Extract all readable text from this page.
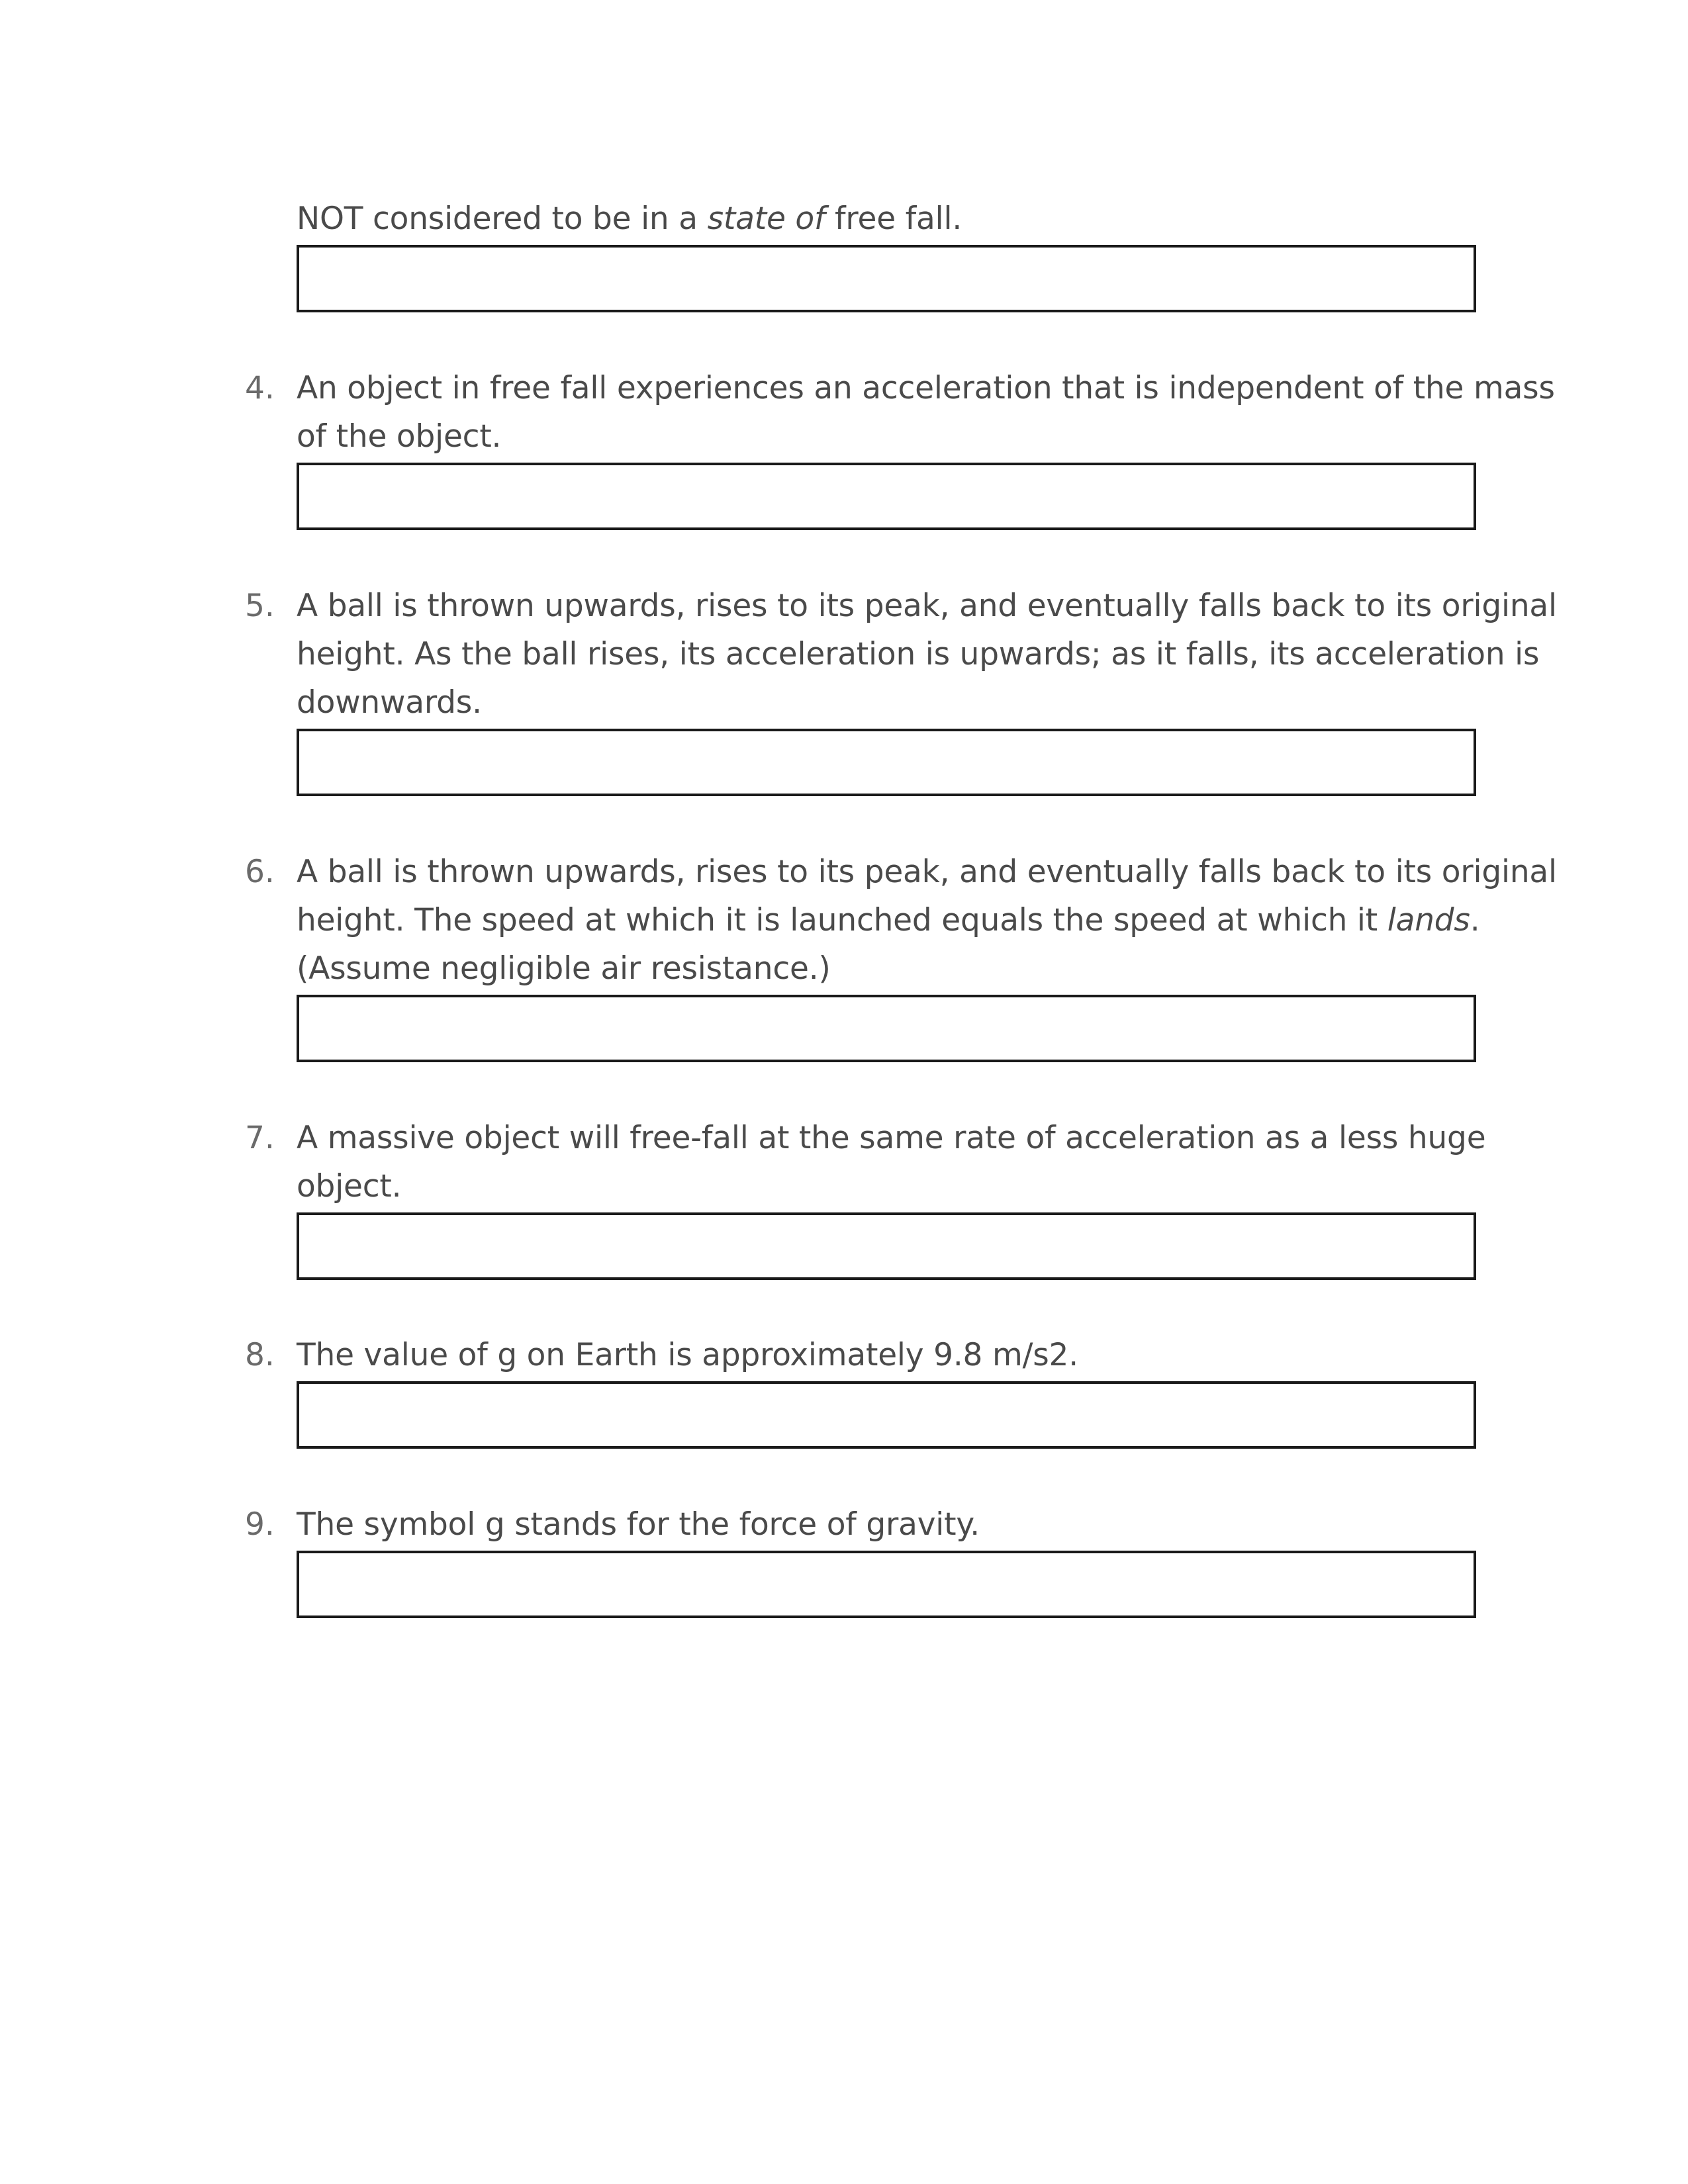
NOT considered to be in a state of free fall.
4. An object in free fall experiences an acceleration that is independent of the mass
of the object.
5. A ball is thrown upwards, rises to its peak, and eventually falls back to its original
height. As the ball rises, its acceleration is upwards; as it falls, its acceleration is
downwards.
6. A ball is thrown upwards, rises to its peak, and eventually falls back to its original
height. The speed at which it is launched equals the speed at which it lands.
(Assume negligible air resistance.)
7. A massive object will free-fall at the same rate of acceleration as a less huge
object.
8. The value of g on Earth is approximately 9.8 m/s2.
9. The symbol g stands for the force of gravity.
